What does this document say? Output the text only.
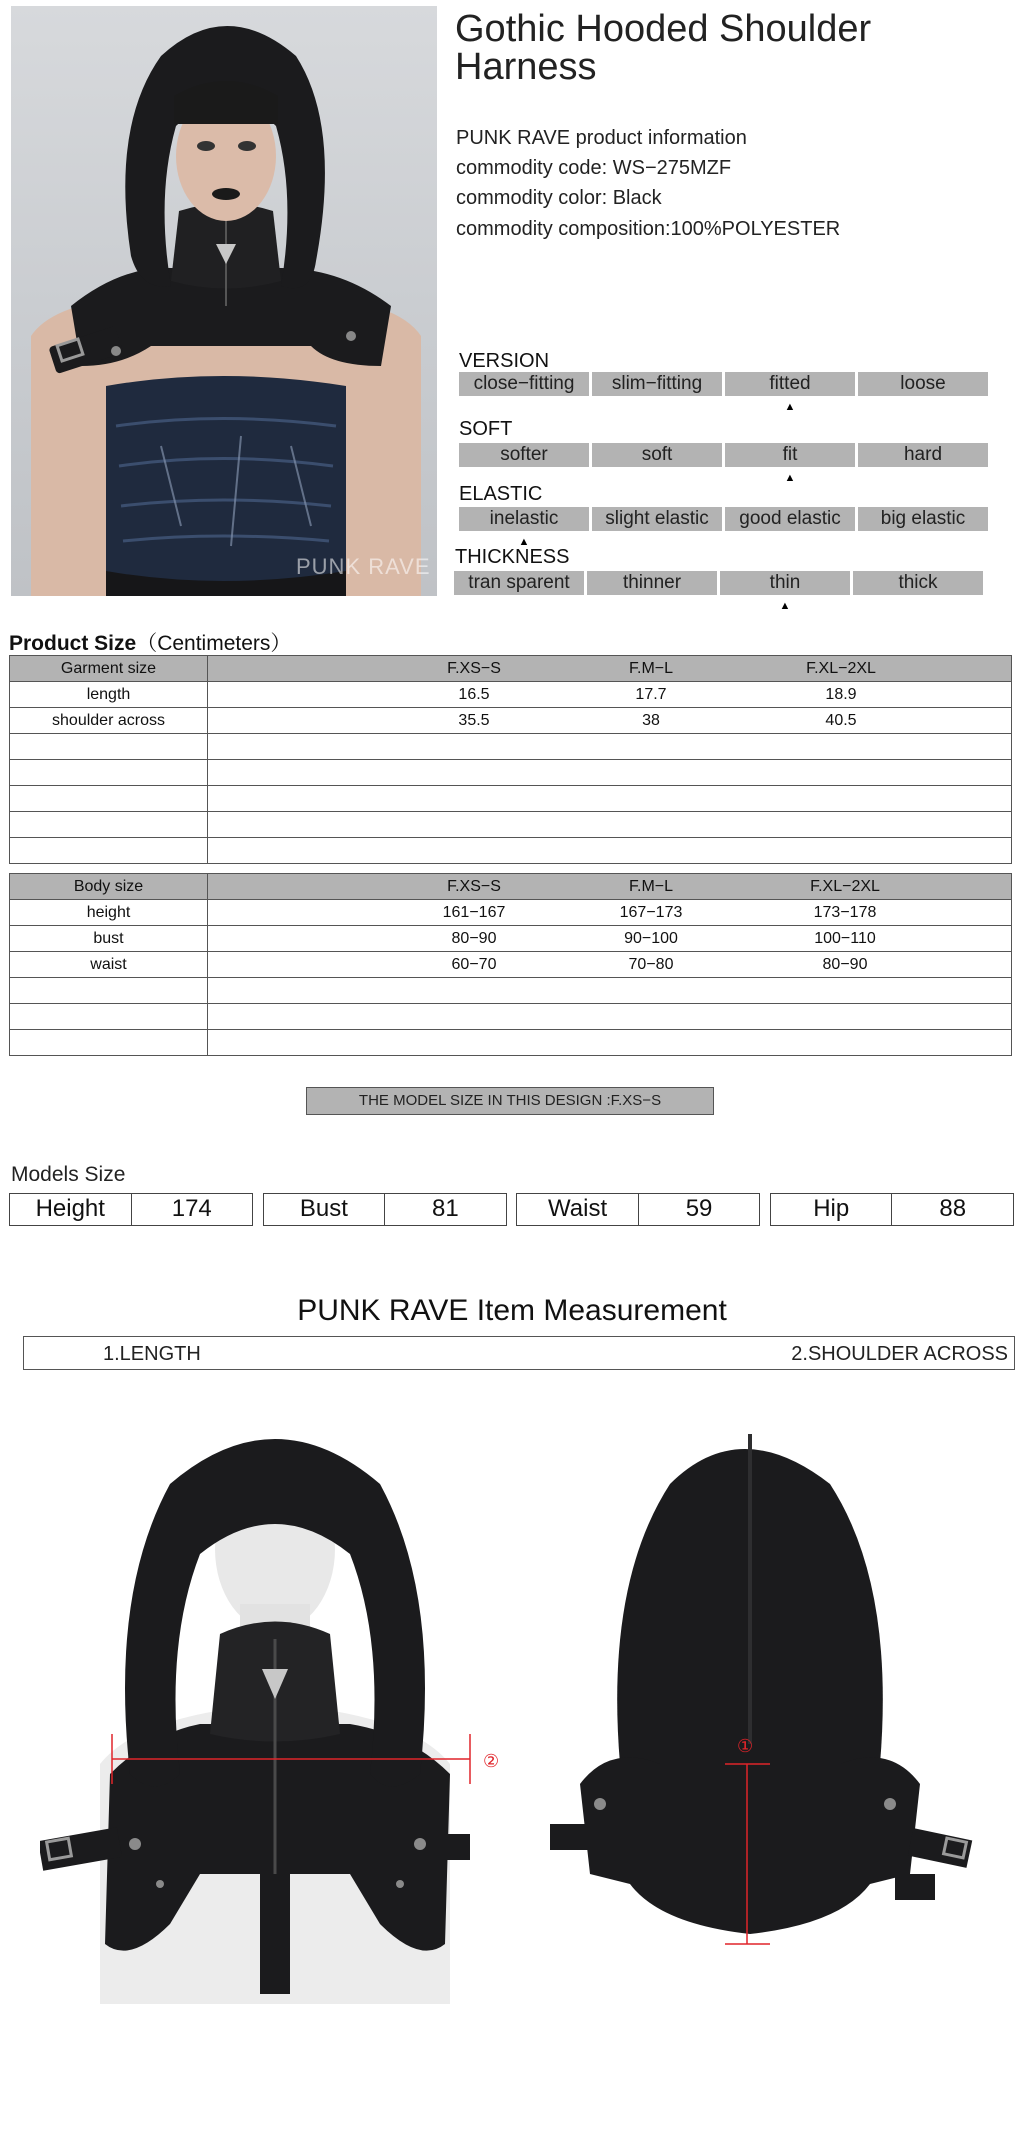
PUNK RAVE
Gothic Hooded Shoulder Harness
PUNK RAVE product information
commodity code: WS−275MZF
commodity color: Black
commodity composition:100%POLYESTER
VERSION
close−fitting	slim−fitting	fitted
▲
loose
SOFT
softer	soft	fit
▲
hard
ELASTIC
inelastic
▲
slight elastic	good elastic	big elastic
THICKNESS
tran sparent	thinner	thin
▲
thick
Product Size（Centimeters）
Garment size	F.XS−S F.M−L F.XL−2XL

length	16.5 17.7 18.9

shoulder across	35.5 38 40.5

Body size	F.XS−S F.M−L F.XL−2XL

height	161−167 167−173 173−178

bust	80−90 90−100 100−110

waist	60−70 70−80 80−90

THE MODEL SIZE IN THIS DESIGN :F.XS−S
Models Size
Height	174	Bust	81	Waist	59	Hip	88
PUNK RAVE Item Measurement
1.LENGTH	2.SHOULDER ACROSS
②
①
